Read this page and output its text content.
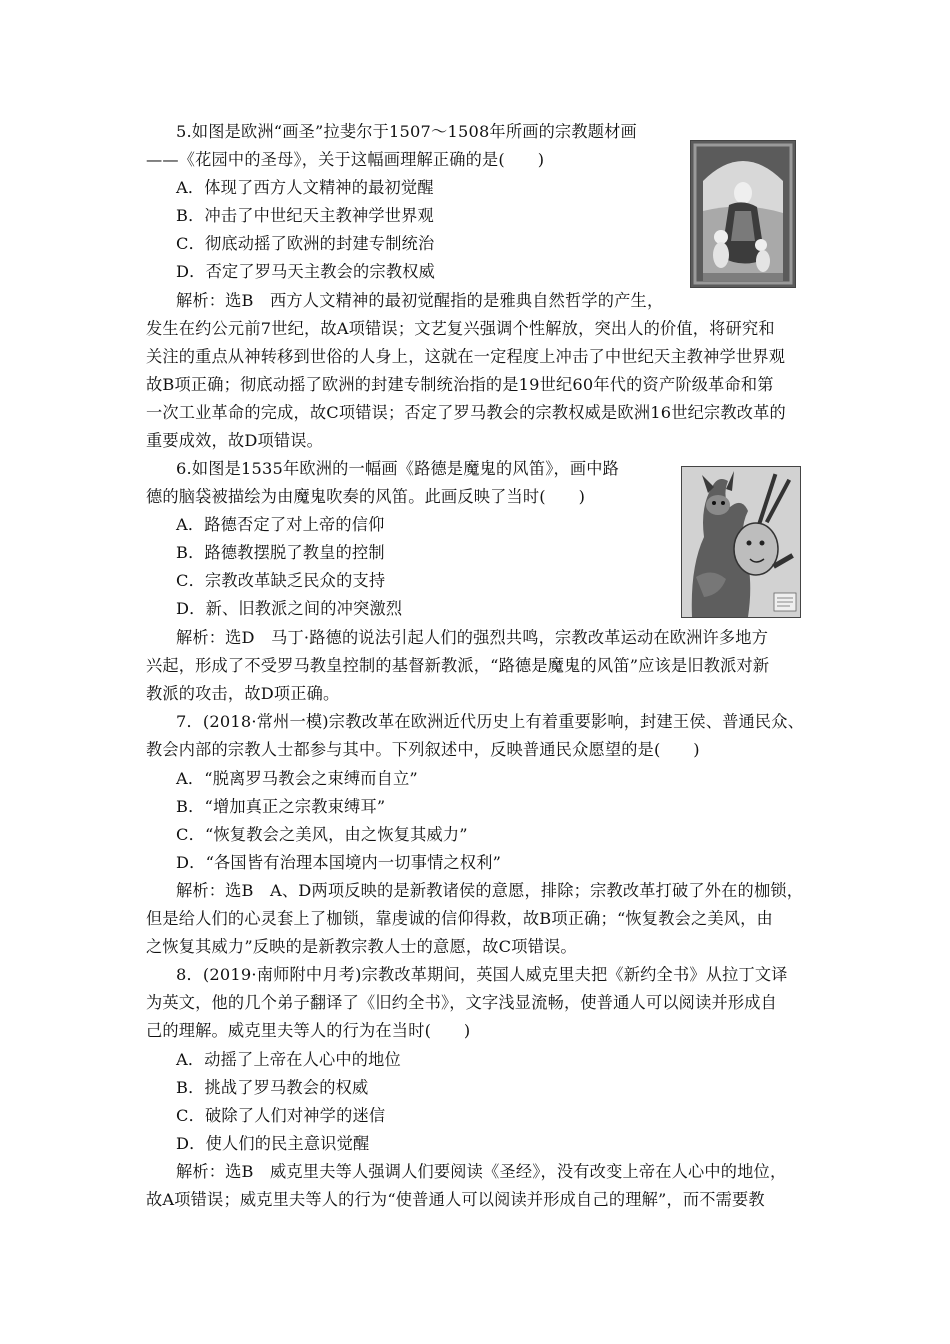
5.如图是欧洲“画圣”拉斐尔于1507～1508年所画的宗教题材画
——《花园中的圣母》，关于这幅画理解正确的是(　　)
A．体现了西方人文精神的最初觉醒
B．冲击了中世纪天主教神学世界观
C．彻底动摇了欧洲的封建专制统治
D．否定了罗马天主教会的宗教权威
解析：选B　西方人文精神的最初觉醒指的是雅典自然哲学的产生，
发生在约公元前7世纪，故A项错误；文艺复兴强调个性解放，突出人的价值，将研究和
关注的重点从神转移到世俗的人身上，这就在一定程度上冲击了中世纪天主教神学世界观
故B项正确；彻底动摇了欧洲的封建专制统治指的是19世纪60年代的资产阶级革命和第
一次工业革命的完成，故C项错误；否定了罗马教会的宗教权威是欧洲16世纪宗教改革的
重要成效，故D项错误。
6.如图是1535年欧洲的一幅画《路德是魔鬼的风笛》，画中路
德的脑袋被描绘为由魔鬼吹奏的风笛。此画反映了当时(　　)
A．路德否定了对上帝的信仰
B．路德教摆脱了教皇的控制
C．宗教改革缺乏民众的支持
D．新、旧教派之间的冲突激烈
解析：选D　马丁·路德的说法引起人们的强烈共鸣，宗教改革运动在欧洲许多地方
兴起，形成了不受罗马教皇控制的基督新教派，“路德是魔鬼的风笛”应该是旧教派对新
教派的攻击，故D项正确。
7．(2018·常州一模)宗教改革在欧洲近代历史上有着重要影响，封建王侯、普通民众、
教会内部的宗教人士都参与其中。下列叙述中，反映普通民众愿望的是(　　)
A．“脱离罗马教会之束缚而自立”
B．“增加真正之宗教束缚耳”
C．“恢复教会之美风，由之恢复其威力”
D．“各国皆有治理本国境内一切事情之权利”
解析：选B　A、D两项反映的是新教诸侯的意愿，排除；宗教改革打破了外在的枷锁，
但是给人们的心灵套上了枷锁，靠虔诚的信仰得救，故B项正确；“恢复教会之美风，由
之恢复其威力”反映的是新教宗教人士的意愿，故C项错误。
8．(2019·南师附中月考)宗教改革期间，英国人威克里夫把《新约全书》从拉丁文译
为英文，他的几个弟子翻译了《旧约全书》，文字浅显流畅，使普通人可以阅读并形成自
己的理解。威克里夫等人的行为在当时(　　)
A．动摇了上帝在人心中的地位
B．挑战了罗马教会的权威
C．破除了人们对神学的迷信
D．使人们的民主意识觉醒
解析：选B　威克里夫等人强调人们要阅读《圣经》，没有改变上帝在人心中的地位，
故A项错误；威克里夫等人的行为“使普通人可以阅读并形成自己的理解”，而不需要教
